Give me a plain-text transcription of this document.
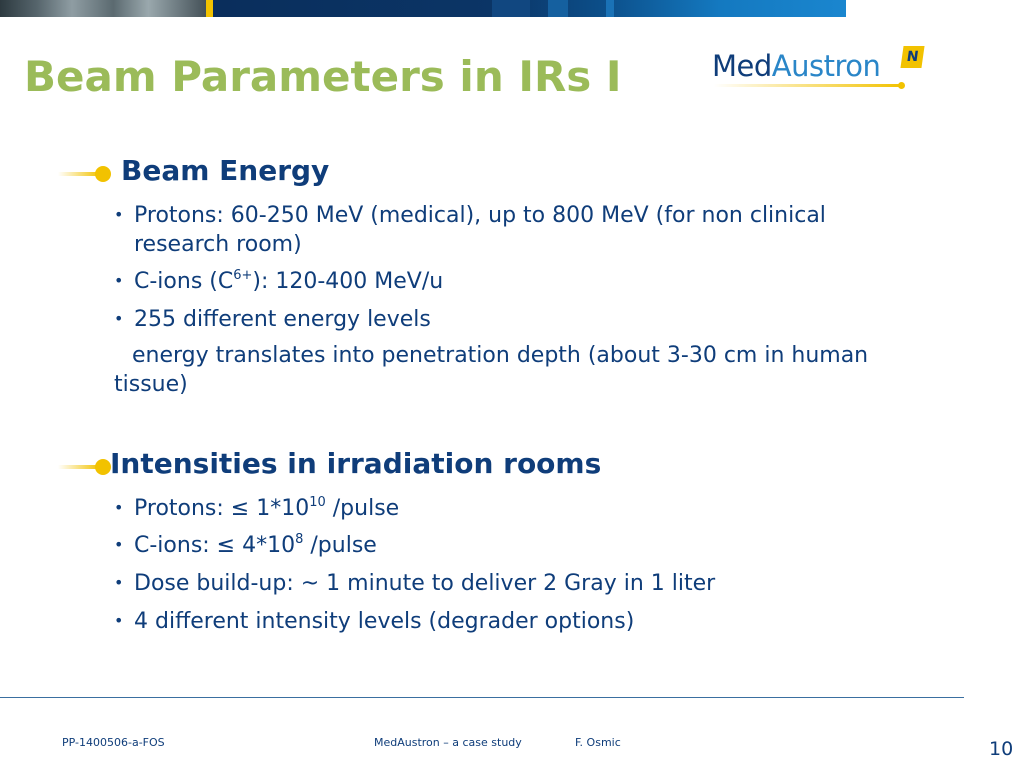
Beam Parameters in IRs I	MedAustron	N
Beam Energy

• Protons: 60-250 MeV (medical), up to 800 MeV (for non clinical
research room)

• C-ions $(C^{6+})$: 120-400 MeV/u

• 255 different energy levels

energy translates into penetration depth (about 3-30 cm in human
tissue)

Intensities in irradiation rooms

• Protons: ≤ $1*10^{10}$ /pulse

• C-ions: ≤ $4*10^8$ /pulse

• Dose build-up: ~ 1 minute to deliver 2 Gray in 1 liter

• 4 different intensity levels (degrader options)

PP-1400506-a-FOS	MedAustron – a case study	F. Osmic	10
